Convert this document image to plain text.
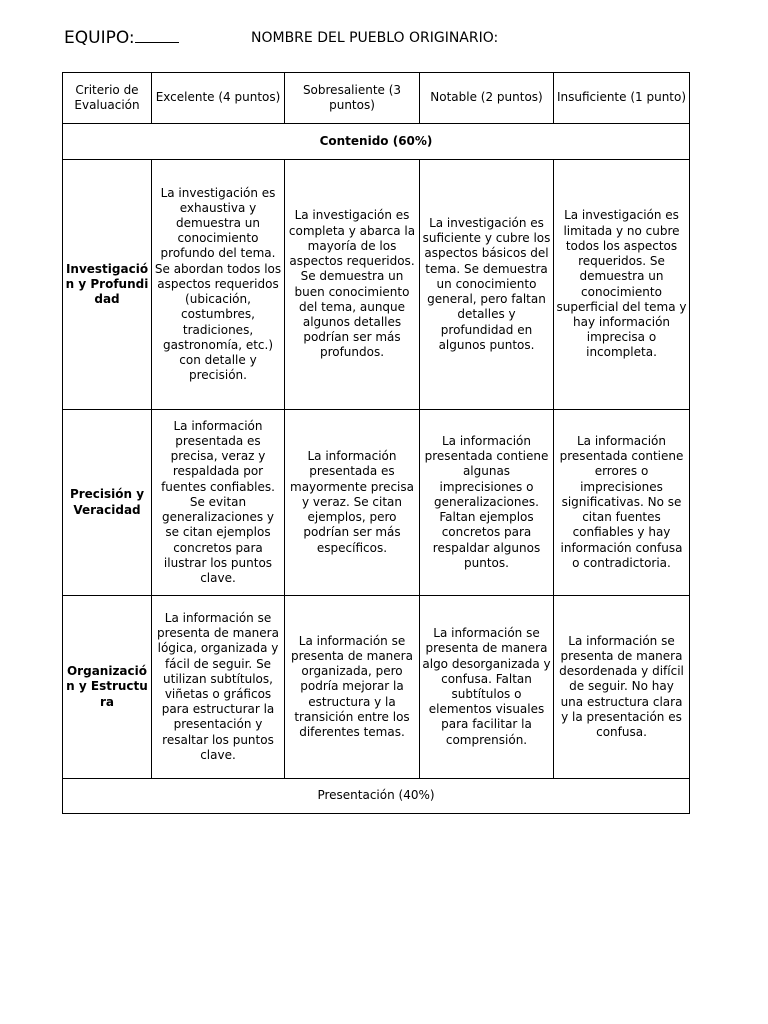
EQUIPO:	NOMBRE DEL PUEBLO ORIGINARIO:
Criterio de Evaluación	Excelente (4 puntos)	Sobresaliente (3 puntos)	Notable (2 puntos)	Insuficiente (1 punto)
Contenido (60%)				
Investigación y Profundidad	La investigación es exhaustiva y demuestra un conocimiento profundo del tema. Se abordan todos los aspectos requeridos (ubicación, costumbres, tradiciones, gastronomía, etc.) con detalle y precisión.	La investigación es completa y abarca la mayoría de los aspectos requeridos. Se demuestra un buen conocimiento del tema, aunque algunos detalles podrían ser más profundos.	La investigación es suficiente y cubre los aspectos básicos del tema. Se demuestra un conocimiento general, pero faltan detalles y profundidad en algunos puntos.	La investigación es limitada y no cubre todos los aspectos requeridos. Se demuestra un conocimiento superficial del tema y hay información imprecisa o incompleta.
Precisión y Veracidad	La información presentada es precisa, veraz y respaldada por fuentes confiables. Se evitan generalizaciones y se citan ejemplos concretos para ilustrar los puntos clave.	La información presentada es mayormente precisa y veraz. Se citan ejemplos, pero podrían ser más específicos.	La información presentada contiene algunas imprecisiones o generalizaciones. Faltan ejemplos concretos para respaldar algunos puntos.	La información presentada contiene errores o imprecisiones significativas. No se citan fuentes confiables y hay información confusa o contradictoria.
Organización y Estructura	La información se presenta de manera lógica, organizada y fácil de seguir. Se utilizan subtítulos, viñetas o gráficos para estructurar la presentación y resaltar los puntos clave.	La información se presenta de manera organizada, pero podría mejorar la estructura y la transición entre los diferentes temas.	La información se presenta de manera algo desorganizada y confusa. Faltan subtítulos o elementos visuales para facilitar la comprensión.	La información se presenta de manera desordenada y difícil de seguir. No hay una estructura clara y la presentación es confusa.
Presentación (40%)				
